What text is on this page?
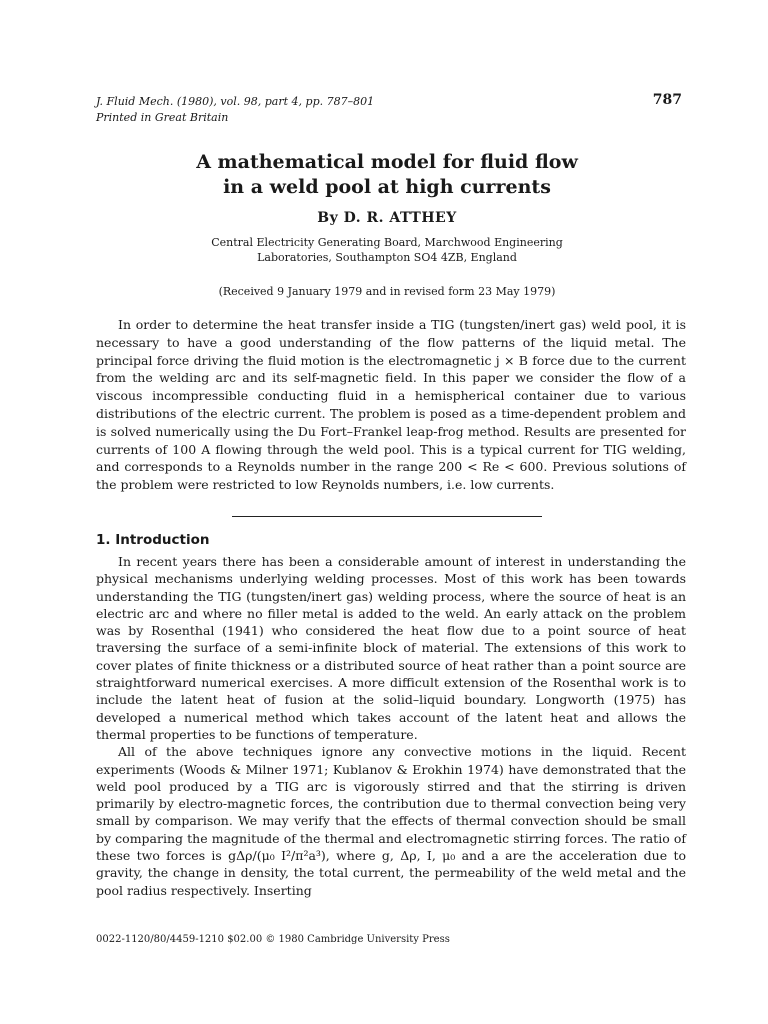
J. Fluid Mech. (1980), vol. 98, part 4, pp. 787–801
Printed in Great Britain
787
A mathematical model for fluid flow
in a weld pool at high currents
By D. R. ATTHEY
Central Electricity Generating Board, Marchwood Engineering
Laboratories, Southampton SO4 4ZB, England
(Received 9 January 1979 and in revised form 23 May 1979)

In order to determine the heat transfer inside a TIG (tungsten/inert gas) weld pool, it is necessary to have a good understanding of the flow patterns of the liquid metal. The principal force driving the fluid motion is the electromagnetic j × B force due to the current from the welding arc and its self-magnetic field. In this paper we consider the flow of a viscous incompressible conducting fluid in a hemispherical container due to various distributions of the electric current. The problem is posed as a time-dependent problem and is solved numerically using the Du Fort–Frankel leap-frog method. Results are presented for currents of 100 A flowing through the weld pool. This is a typical current for TIG welding, and corresponds to a Reynolds number in the range 200 < Re < 600. Previous solutions of the problem were restricted to low Reynolds numbers, i.e. low currents.

1. Introduction

In recent years there has been a considerable amount of interest in understanding the physical mechanisms underlying welding processes. Most of this work has been towards understanding the TIG (tungsten/inert gas) welding process, where the source of heat is an electric arc and where no filler metal is added to the weld. An early attack on the problem was by Rosenthal (1941) who considered the heat flow due to a point source of heat traversing the surface of a semi-infinite block of material. The extensions of this work to cover plates of finite thickness or a distributed source of heat rather than a point source are straightforward numerical exercises. A more difficult extension of the Rosenthal work is to include the latent heat of fusion at the solid–liquid boundary. Longworth (1975) has developed a numerical method which takes account of the latent heat and allows the thermal properties to be functions of temperature.

All of the above techniques ignore any convective motions in the liquid. Recent experiments (Woods & Milner 1971; Kublanov & Erokhin 1974) have demonstrated that the weld pool produced by a TIG arc is vigorously stirred and that the stirring is driven primarily by electro-magnetic forces, the contribution due to thermal convection being very small by comparison. We may verify that the effects of thermal convection should be small by comparing the magnitude of the thermal and electromagnetic stirring forces. The ratio of these two forces is gΔρ/(μ₀ I²/π²a³), where g, Δρ, I, μ₀ and a are the acceleration due to gravity, the change in density, the total current, the permeability of the weld metal and the pool radius respectively. Inserting

0022-1120/80/4459-1210 $02.00 © 1980 Cambridge University Press
